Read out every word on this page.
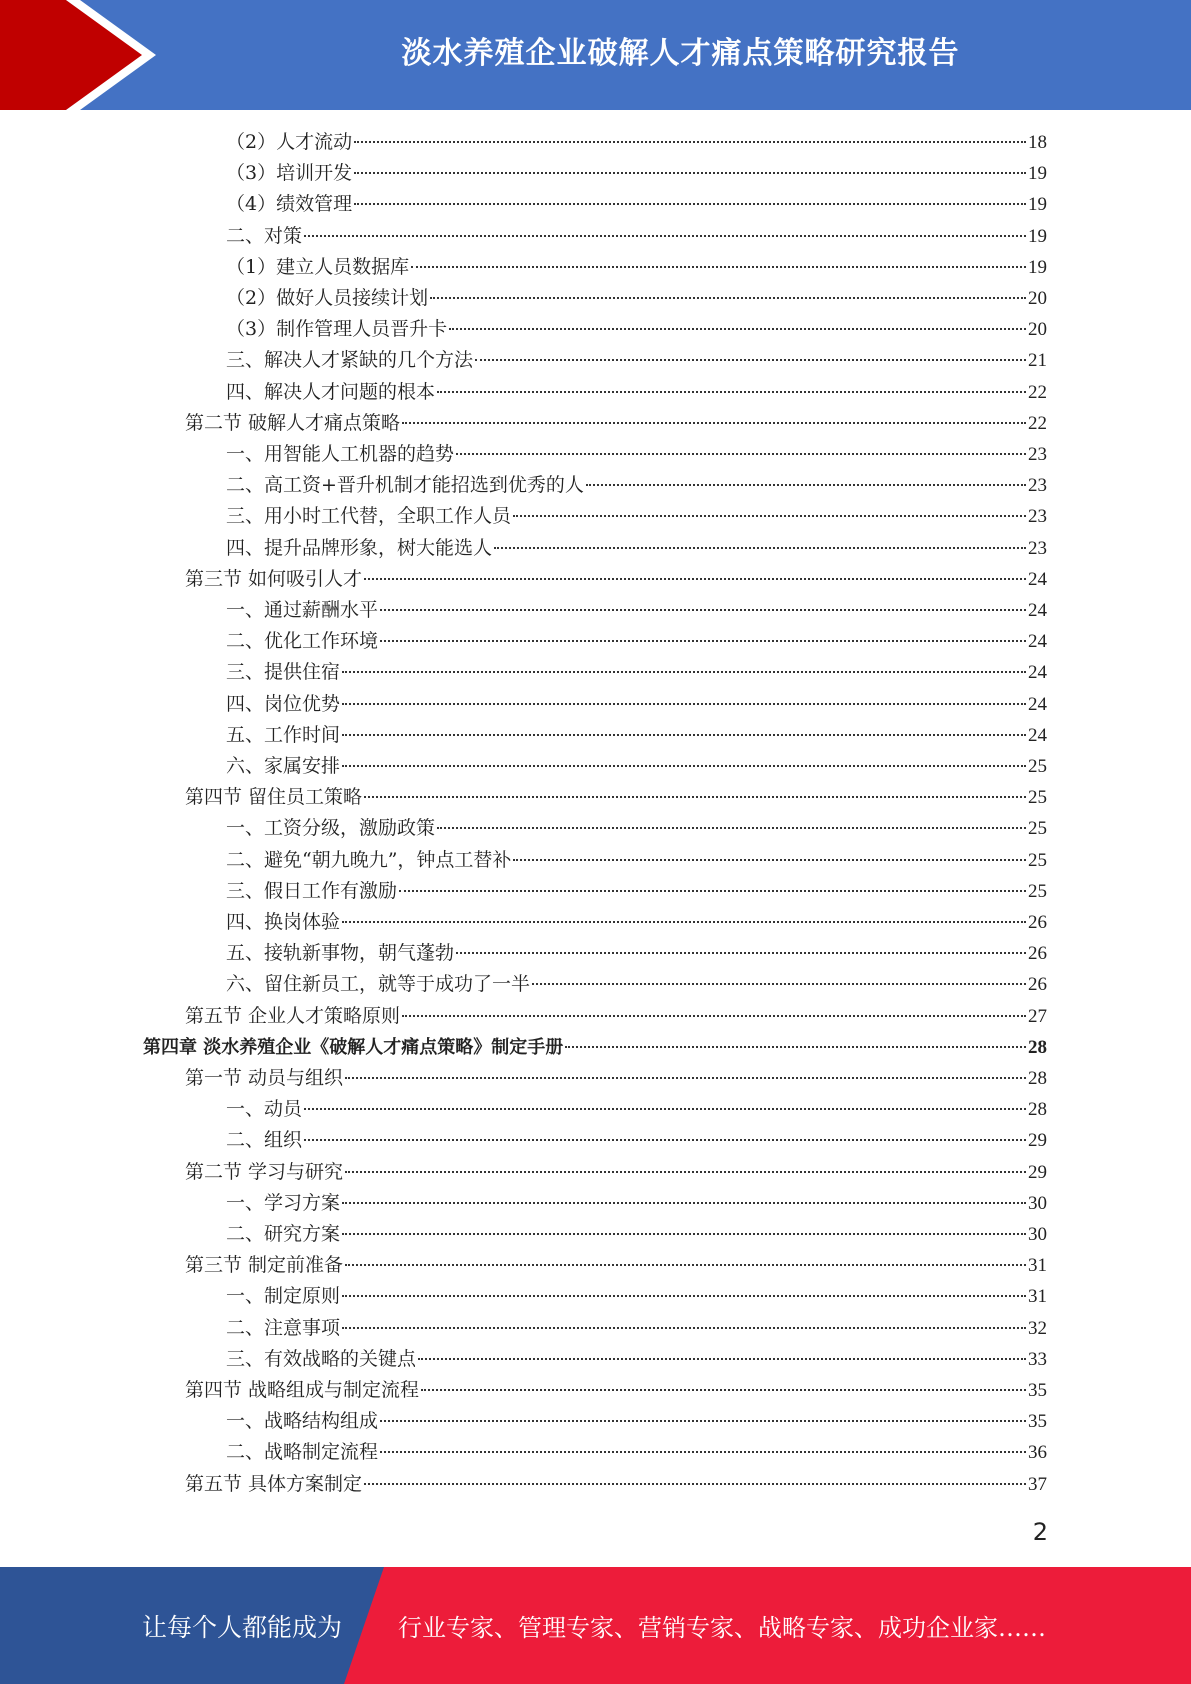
淡水养殖企业破解人才痛点策略研究报告
（2）人才流动	18
（3）培训开发	19
（4）绩效管理	19
二、对策	19
（1）建立人员数据库	19
（2）做好人员接续计划	20
（3）制作管理人员晋升卡	20
三、解决人才紧缺的几个方法	21
四、解决人才问题的根本	22
第二节 破解人才痛点策略	22
一、用智能人工机器的趋势	23
二、高工资+晋升机制才能招选到优秀的人	23
三、用小时工代替，全职工作人员	23
四、提升品牌形象，树大能选人	23
第三节 如何吸引人才	24
一、通过薪酬水平	24
二、优化工作环境	24
三、提供住宿	24
四、岗位优势	24
五、工作时间	24
六、家属安排	25
第四节 留住员工策略	25
一、工资分级，激励政策	25
二、避免“朝九晚九”，钟点工替补	25
三、假日工作有激励	25
四、换岗体验	26
五、接轨新事物，朝气蓬勃	26
六、留住新员工，就等于成功了一半	26
第五节 企业人才策略原则	27
第四章 淡水养殖企业《破解人才痛点策略》制定手册	28
第一节 动员与组织	28
一、动员	28
二、组织	29
第二节 学习与研究	29
一、学习方案	30
二、研究方案	30
第三节 制定前准备	31
一、制定原则	31
二、注意事项	32
三、有效战略的关键点	33
第四节 战略组成与制定流程	35
一、战略结构组成	35
二、战略制定流程	36
第五节 具体方案制定	37
2
让每个人都能成为 行业专家、管理专家、营销专家、战略专家、成功企业家……
